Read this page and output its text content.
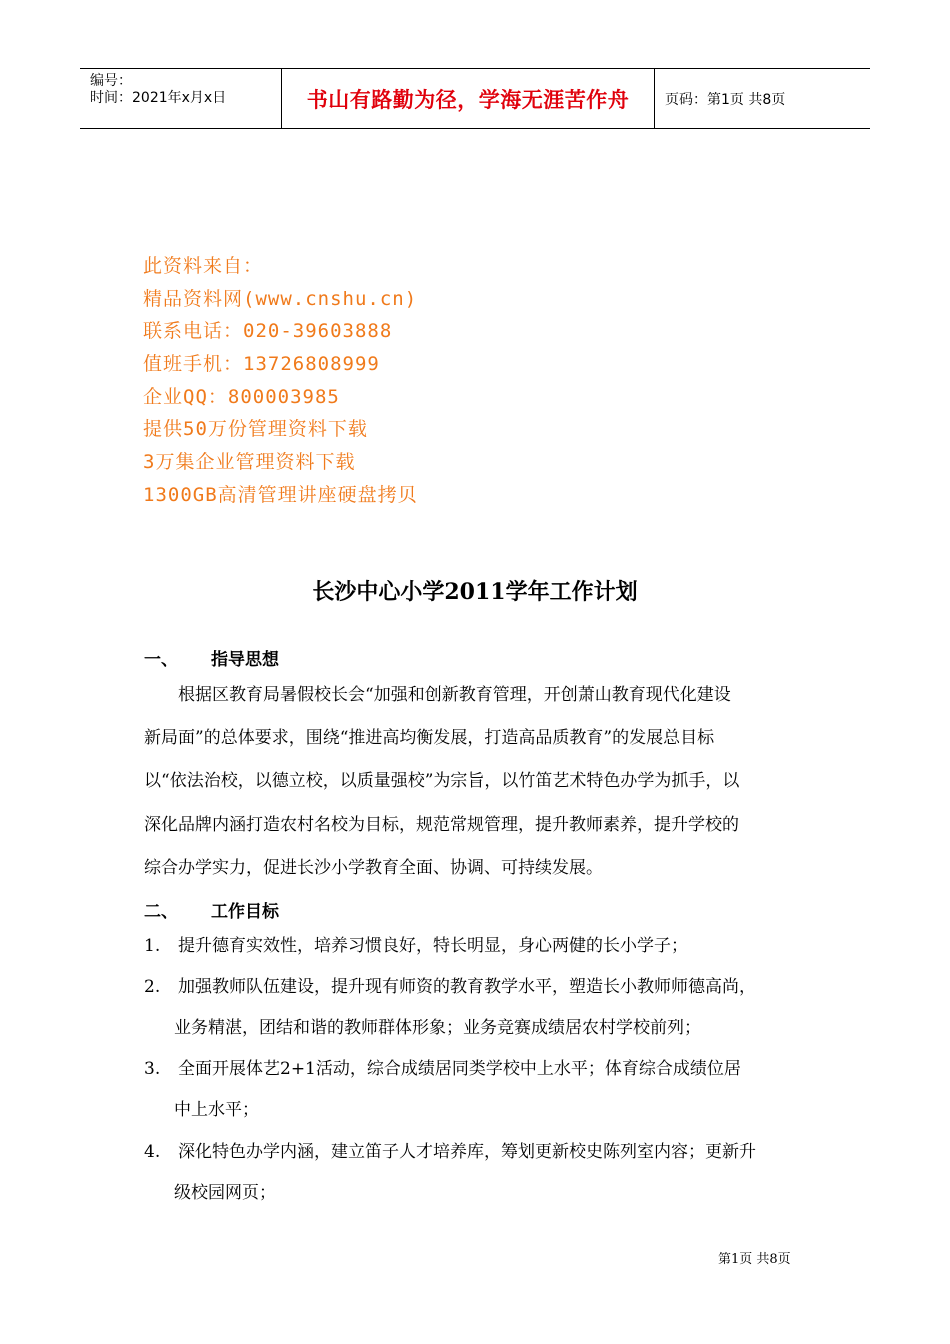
编号：
时间：2021年x月x日	书山有路勤为径，学海无涯苦作舟	页码：第1页 共8页
此资料来自：
精品资料网(www.cnshu.cn)
联系电话：020-39603888
值班手机：13726808999
企业QQ：800003985
提供50万份管理资料下载
3万集企业管理资料下载
1300GB高清管理讲座硬盘拷贝
长沙中心小学2011学年工作计划
一、 指导思想
根据区教育局暑假校长会“加强和创新教育管理，开创萧山教育现代化建设
新局面”的总体要求，围绕“推进高均衡发展，打造高品质教育”的发展总目标
以“依法治校，以德立校，以质量强校”为宗旨，以竹笛艺术特色办学为抓手，以
深化品牌内涵打造农村名校为目标，规范常规管理，提升教师素养，提升学校的
综合办学实力，促进长沙小学教育全面、协调、可持续发展。
二、 工作目标
1. 提升德育实效性，培养习惯良好，特长明显，身心两健的长小学子；
2. 加强教师队伍建设，提升现有师资的教育教学水平，塑造长小教师师德高尚，
业务精湛，团结和谐的教师群体形象；业务竞赛成绩居农村学校前列；
3. 全面开展体艺2+1活动，综合成绩居同类学校中上水平；体育综合成绩位居
中上水平；
4. 深化特色办学内涵，建立笛子人才培养库，筹划更新校史陈列室内容；更新升
级校园网页；
第1页 共8页
